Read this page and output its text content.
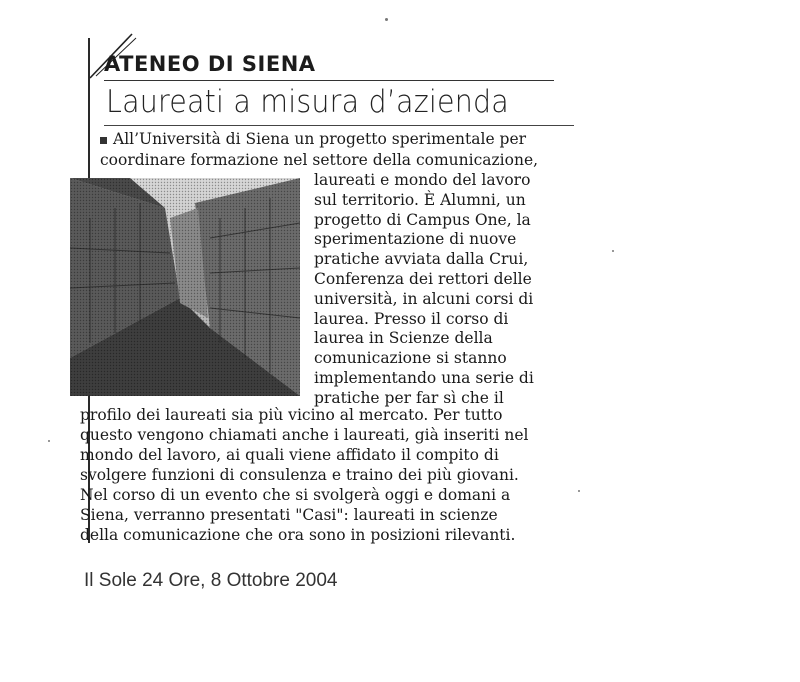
ATENEO DI SIENA
Laureati a misura d’azienda
All’Università di Siena un progetto sperimentale per
coordinare formazione nel settore della comunicazione,
laureati e mondo del lavoro
sul territorio. È Alumni, un
progetto di Campus One, la
sperimentazione di nuove
pratiche avviata dalla Crui,
Conferenza dei rettori delle
università, in alcuni corsi di
laurea. Presso il corso di
laurea in Scienze della
comunicazione si stanno
implementando una serie di
pratiche per far sì che il
profilo dei laureati sia più vicino al mercato. Per tutto
questo vengono chiamati anche i laureati, già inseriti nel
mondo del lavoro, ai quali viene affidato il compito di
svolgere funzioni di consulenza e traino dei più giovani.
Nel corso di un evento che si svolgerà oggi e domani a
Siena, verranno presentati "Casi": laureati in scienze
della comunicazione che ora sono in posizioni rilevanti.
Il Sole 24 Ore, 8 Ottobre 2004
